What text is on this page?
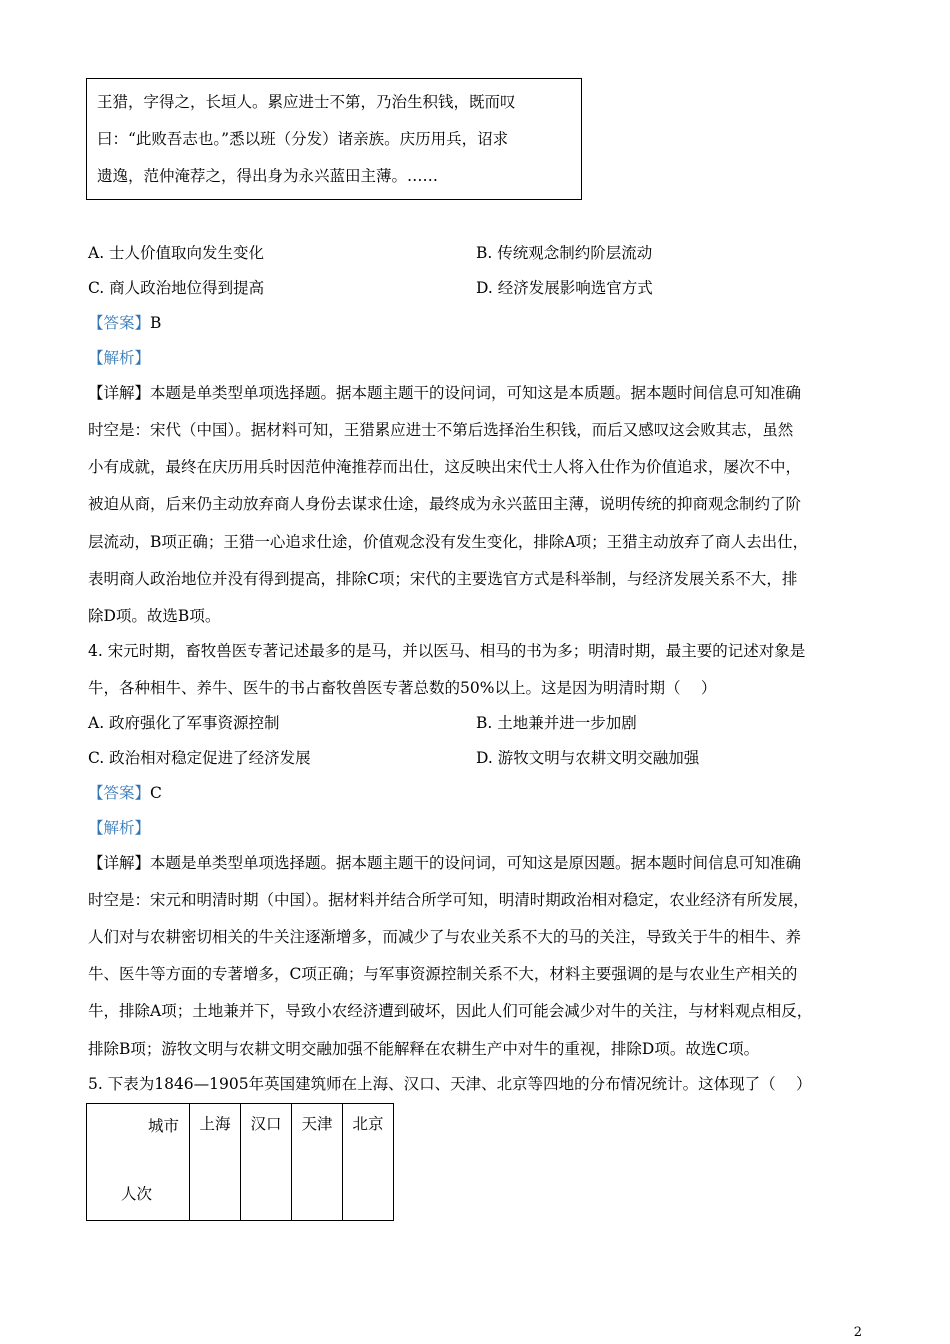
王猎，字得之，长垣人。累应进士不第，乃治生积钱，既而叹
曰：“此败吾志也。”悉以班（分发）诸亲族。庆历用兵，诏求
遗逸，范仲淹荐之，得出身为永兴蓝田主薄。……
A. 士人价值取向发生变化	B. 传统观念制约阶层流动
C. 商人政治地位得到提高	D. 经济发展影响选官方式
【答案】B
【解析】
【详解】本题是单类型单项选择题。据本题主题干的设问词，可知这是本质题。据本题时间信息可知准确
时空是：宋代（中国）。据材料可知，王猎累应进士不第后选择治生积钱，而后又感叹这会败其志，虽然
小有成就，最终在庆历用兵时因范仲淹推荐而出仕，这反映出宋代士人将入仕作为价值追求，屡次不中，
被迫从商，后来仍主动放弃商人身份去谋求仕途，最终成为永兴蓝田主薄，说明传统的抑商观念制约了阶
层流动，B项正确；王猎一心追求仕途，价值观念没有发生变化，排除A项；王猎主动放弃了商人去出仕，
表明商人政治地位并没有得到提高，排除C项；宋代的主要选官方式是科举制，与经济发展关系不大，排
除D项。故选B项。
4. 宋元时期，畜牧兽医专著记述最多的是马，并以医马、相马的书为多；明清时期，最主要的记述对象是
牛，各种相牛、养牛、医牛的书占畜牧兽医专著总数的50%以上。这是因为明清时期（　 ）
A. 政府强化了军事资源控制	B. 土地兼并进一步加剧
C. 政治相对稳定促进了经济发展	D. 游牧文明与农耕文明交融加强
【答案】C
【解析】
【详解】本题是单类型单项选择题。据本题主题干的设问词，可知这是原因题。据本题时间信息可知准确
时空是：宋元和明清时期（中国）。据材料并结合所学可知，明清时期政治相对稳定，农业经济有所发展，
人们对与农耕密切相关的牛关注逐渐增多，而减少了与农业关系不大的马的关注，导致关于牛的相牛、养
牛、医牛等方面的专著增多，C项正确；与军事资源控制关系不大，材料主要强调的是与农业生产相关的
牛，排除A项；土地兼并下，导致小农经济遭到破坏，因此人们可能会减少对牛的关注，与材料观点相反，
排除B项；游牧文明与农耕文明交融加强不能解释在农耕生产中对牛的重视，排除D项。故选C项。
5. 下表为1846—1905年英国建筑师在上海、汉口、天津、北京等四地的分布情况统计。这体现了（　 ）
城市
人次
	上海	汉口	天津	北京
2
